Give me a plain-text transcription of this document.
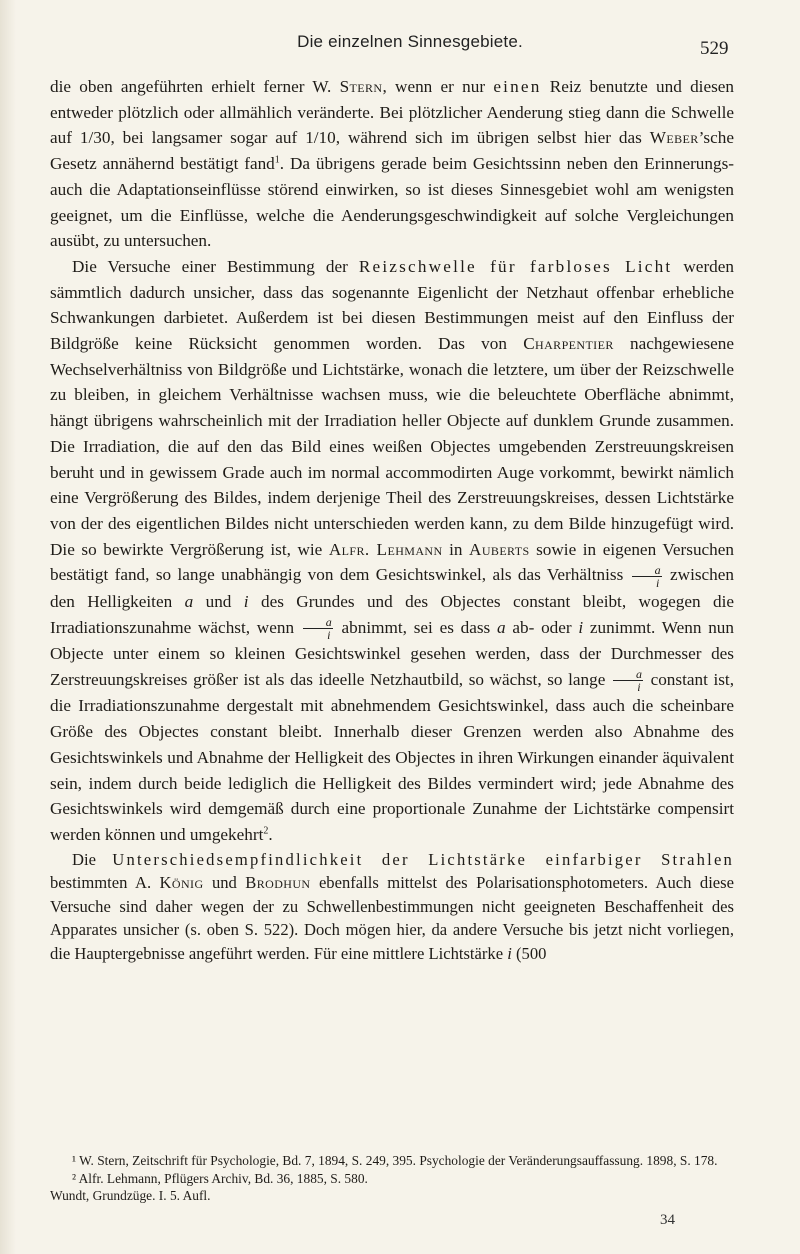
Die einzelnen Sinnesgebiete.	529

die oben angeführten erhielt ferner W. Stern, wenn er nur einen Reiz benutzte und diesen entweder plötzlich oder allmählich veränderte. Bei plötzlicher Aenderung stieg dann die Schwelle auf 1/30, bei langsamer sogar auf 1/10, während sich im übrigen selbst hier das Weber’sche Gesetz annähernd bestätigt fand$^1$. Da übrigens gerade beim Gesichtssinn neben den Erinnerungs- auch die Adaptationseinflüsse störend einwirken, so ist dieses Sinnesgebiet wohl am wenigsten geeignet, um die Einflüsse, welche die Aenderungsgeschwindigkeit auf solche Vergleichungen ausübt, zu untersuchen.

Die Versuche einer Bestimmung der Reizschwelle für farbloses Licht werden sämmtlich dadurch unsicher, dass das sogenannte Eigenlicht der Netzhaut offenbar erhebliche Schwankungen darbietet. Außerdem ist bei diesen Bestimmungen meist auf den Einfluss der Bildgröße keine Rücksicht genommen worden. Das von Charpentier nachgewiesene Wechselverhältniss von Bildgröße und Lichtstärke, wonach die letztere, um über der Reizschwelle zu bleiben, in gleichem Verhältnisse wachsen muss, wie die beleuchtete Oberfläche abnimmt, hängt übrigens wahrscheinlich mit der Irradiation heller Objecte auf dunklem Grunde zusammen. Die Irradiation, die auf den das Bild eines weißen Objectes umgebenden Zerstreuungskreisen beruht und in gewissem Grade auch im normal accommodirten Auge vorkommt, bewirkt nämlich eine Vergrößerung des Bildes, indem derjenige Theil des Zerstreuungskreises, dessen Lichtstärke von der des eigentlichen Bildes nicht unterschieden werden kann, zu dem Bilde hinzugefügt wird. Die so bewirkte Vergrößerung ist, wie Alfr. Lehmann in Auberts sowie in eigenen Versuchen bestätigt fand, so lange unabhängig von dem Gesichtswinkel, als das Verhältniss $\frac{a}{i}$ zwischen den Helligkeiten a und i des Grundes und des Objectes constant bleibt, wogegen die Irradiationszunahme wächst, wenn $\frac{a}{i}$ abnimmt, sei es dass a ab- oder i zunimmt. Wenn nun Objecte unter einem so kleinen Gesichtswinkel gesehen werden, dass der Durchmesser des Zerstreuungskreises größer ist als das ideelle Netzhautbild, so wächst, so lange $\frac{a}{i}$ constant ist, die Irradiationszunahme dergestalt mit abnehmendem Gesichtswinkel, dass auch die scheinbare Größe des Objectes constant bleibt. Innerhalb dieser Grenzen werden also Abnahme des Gesichtswinkels und Abnahme der Helligkeit des Objectes in ihren Wirkungen einander äquivalent sein, indem durch beide lediglich die Helligkeit des Bildes vermindert wird; jede Abnahme des Gesichtswinkels wird demgemäß durch eine proportionale Zunahme der Lichtstärke compensirt werden können und umgekehrt$^2$.

Die Unterschiedsempfindlichkeit der Lichtstärke einfarbiger Strahlen bestimmten A. König und Brodhun ebenfalls mittelst des Polarisationsphotometers. Auch diese Versuche sind daher wegen der zu Schwellenbestimmungen nicht geeigneten Beschaffenheit des Apparates unsicher (s. oben S. 522). Doch mögen hier, da andere Versuche bis jetzt nicht vorliegen, die Hauptergebnisse angeführt werden. Für eine mittlere Lichtstärke i (500

¹ W. Stern, Zeitschrift für Psychologie, Bd. 7, 1894, S. 249, 395. Psychologie der Veränderungsauffassung. 1898, S. 178.

² Alfr. Lehmann, Pflügers Archiv, Bd. 36, 1885, S. 580.

Wundt, Grundzüge. I. 5. Aufl.

34
